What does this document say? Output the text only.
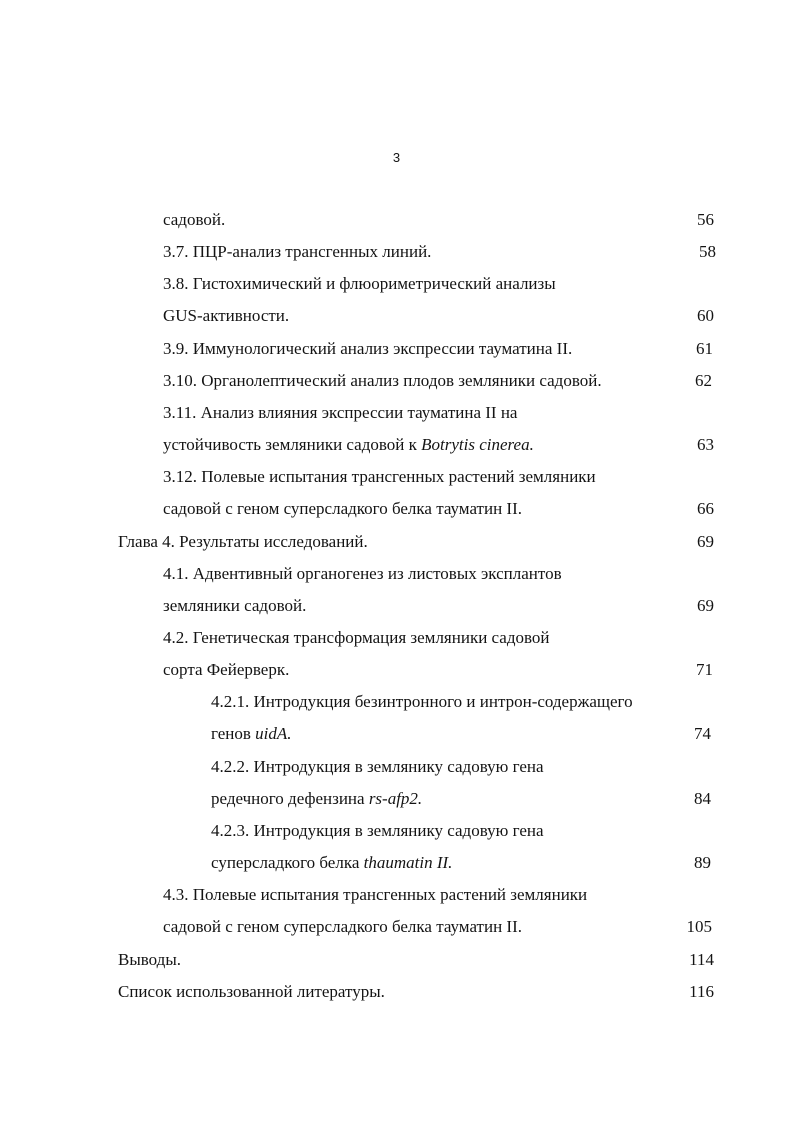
3
садовой.	56
3.7. ПЦР-анализ трансгенных линий.	58
3.8. Гистохимический и флюориметрический анализы
GUS-активности.	60
3.9. Иммунологический анализ экспрессии тауматина II.	61
3.10. Органолептический анализ плодов земляники садовой.	62
3.11. Анализ влияния экспрессии тауматина II на
устойчивость земляники садовой к Botrytis cinerea.	63
3.12. Полевые испытания трансгенных растений земляники
садовой с геном суперсладкого белка тауматин II.	66
Глава 4. Результаты исследований.	69
4.1. Адвентивный органогенез из листовых эксплантов
земляники садовой.	69
4.2. Генетическая трансформация земляники садовой
сорта Фейерверк.	71
4.2.1. Интродукция безинтронного и интрон-содержащего
генов uidA.	74
4.2.2. Интродукция в землянику садовую гена
редечного дефензина rs-afp2.	84
4.2.3. Интродукция в землянику садовую гена
суперсладкого белка thaumatin II.	89
4.3. Полевые испытания трансгенных растений земляники
садовой с геном суперсладкого белка тауматин II.	105
Выводы.	114
Список использованной литературы.	116
